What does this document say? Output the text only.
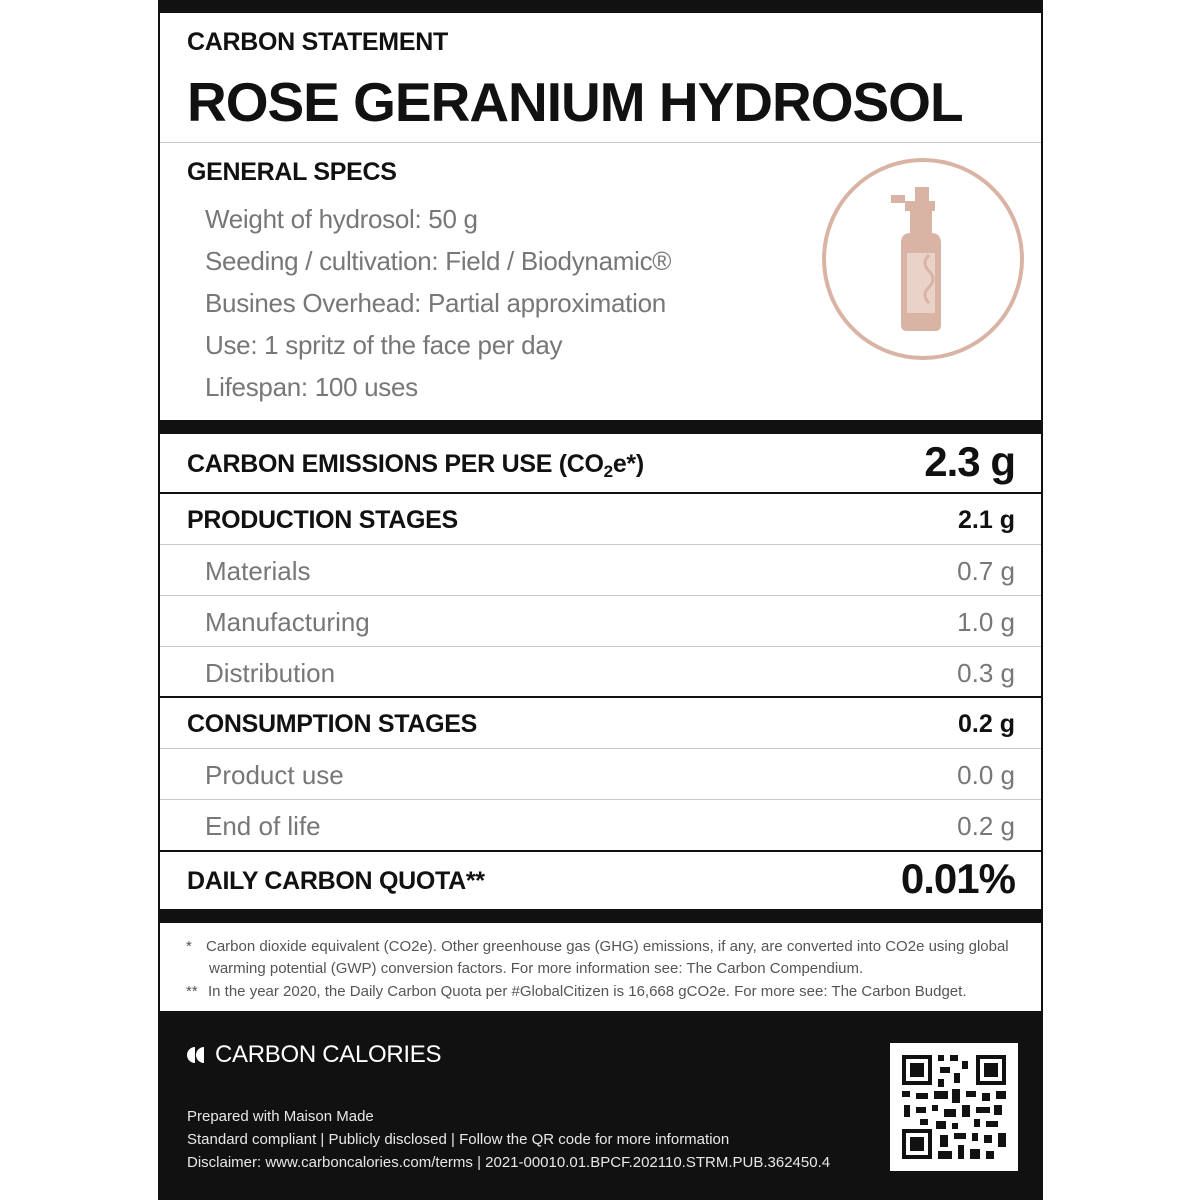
CARBON STATEMENT
ROSE GERANIUM HYDROSOL
GENERAL SPECS
Weight of hydrosol: 50 g
Seeding / cultivation: Field / Biodynamic®
Busines Overhead: Partial approximation
Use: 1 spritz of the face per day
Lifespan: 100 uses
CARBON EMISSIONS PER USE $(CO_2e*)$	2.3 g
PRODUCTION STAGES	2.1 g
Materials	0.7 g
Manufacturing	1.0 g
Distribution	0.3 g
CONSUMPTION STAGES	0.2 g
Product use	0.0 g
End of life	0.2 g
DAILY CARBON QUOTA**	0.01%
* Carbon dioxide equivalent (CO2e). Other greenhouse gas (GHG) emissions, if any, are converted into CO2e using global
warming potential (GWP) conversion factors. For more information see: The Carbon Compendium.
** In the year 2020, the Daily Carbon Quota per #GlobalCitizen is 16,668 gCO2e. For more see: The Carbon Budget.
CARBON CALORIES
Prepared with Maison Made
Standard compliant | Publicly disclosed | Follow the QR code for more information
Disclaimer: www.carboncalories.com/terms | 2021-00010.01.BPCF.202110.STRM.PUB.362450.4
